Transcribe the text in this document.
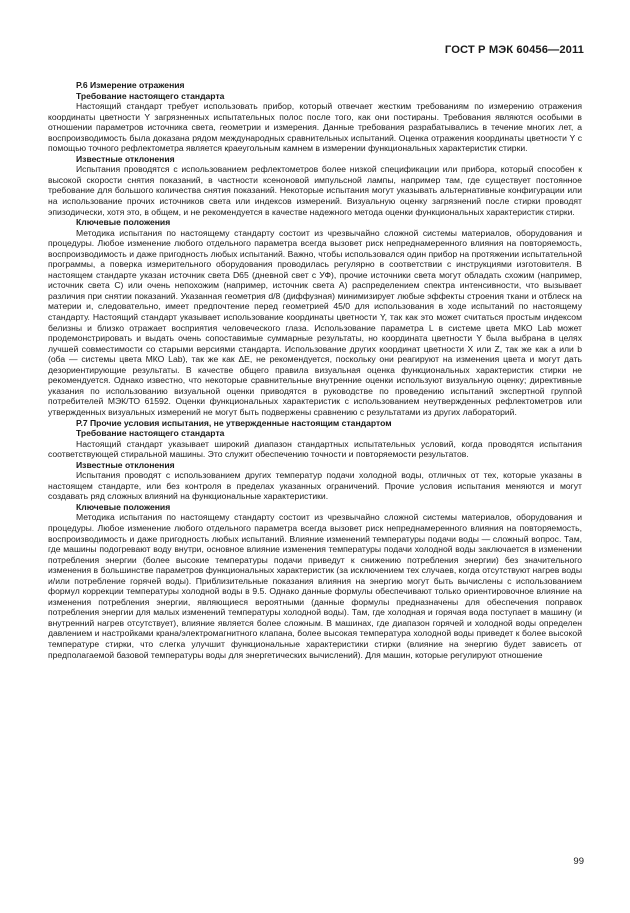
ГОСТ Р МЭК 60456—2011

Р.6 Измерение отражения

Требование настоящего стандарта

Настоящий стандарт требует использовать прибор, который отвечает жестким требованиям по измерению отражения координаты цветности Y загрязненных испытательных полос после того, как они постираны. Требования являются особыми в отношении параметров источника света, геометрии и измерения. Данные требования разрабатывались в течение многих лет, а воспроизводимость была доказана рядом международных сравнительных испытаний. Оценка отражения координаты цветности Y с помощью точного рефлектометра является краеугольным камнем в измерении функциональных характеристик стирки.

Известные отклонения

Испытания проводятся с использованием рефлектометров более низкой спецификации или прибора, который способен к высокой скорости снятия показаний, в частности ксеноновой импульсной лампы, например там, где существует постоянное требование для большого количества снятия показаний. Некоторые испытания могут указывать альтернативные конфигурации или на использование прочих источников света или индексов измерений. Визуальную оценку загрязнений после стирки проводят эпизодически, хотя это, в общем, и не рекомендуется в качестве надежного метода оценки функциональных характеристик стирки.

Ключевые положения

Методика испытания по настоящему стандарту состоит из чрезвычайно сложной системы материалов, оборудования и процедуры. Любое изменение любого отдельного параметра всегда вызовет риск непреднамеренного влияния на повторяемость, воспроизводимость и даже пригодность любых испытаний. Важно, чтобы использовался один прибор на протяжении испытательной программы, а поверка измерительного оборудования проводилась регулярно в соответствии с инструкциями изготовителя. В настоящем стандарте указан источник света D65 (дневной свет с УФ), прочие источники света могут обладать схожим (например, источник света C) или очень непохожим (например, источник света A) распределением спектра интенсивности, что вызывает различия при снятии показаний. Указанная геометрия d/8 (диффузная) минимизирует любые эффекты строения ткани и отблеск на материи и, следовательно, имеет предпочтение перед геометрией 45/0 для использования в ходе испытаний по настоящему стандарту. Настоящий стандарт указывает использование координаты цветности Y, так как это может считаться простым индексом белизны и близко отражает восприятия человеческого глаза. Использование параметра L в системе цвета МКО Lab может продемонстрировать и выдать очень сопоставимые суммарные результаты, но координата цветности Y была выбрана в целях лучшей совместимости со старыми версиями стандарта. Использование других координат цветности X или Z, так же как a или b (оба — системы цвета МКО Lab), так же как ΔE, не рекомендуется, поскольку они реагируют на изменения цвета и могут дать дезориентирующие результаты. В качестве общего правила визуальная оценка функциональных характеристик стирки не рекомендуется. Однако известно, что некоторые сравнительные внутренние оценки используют визуальную оценку; директивные указания по использованию визуальной оценки приводятся в руководстве по проведению испытаний экспертной группой потребителей МЭК/ТО 61592. Оценки функциональных характеристик с использованием неутвержденных рефлектометров или утвержденных визуальных измерений не могут быть подвержены сравнению с результатами из других лабораторий.

Р.7 Прочие условия испытания, не утвержденные настоящим стандартом

Требование настоящего стандарта

Настоящий стандарт указывает широкий диапазон стандартных испытательных условий, когда проводятся испытания соответствующей стиральной машины. Это служит обеспечению точности и повторяемости результатов.

Известные отклонения

Испытания проводят с использованием других температур подачи холодной воды, отличных от тех, которые указаны в настоящем стандарте, или без контроля в пределах указанных ограничений. Прочие условия испытания меняются и могут создавать ряд сложных влияний на функциональные характеристики.

Ключевые положения

Методика испытания по настоящему стандарту состоит из чрезвычайно сложной системы материалов, оборудования и процедуры. Любое изменение любого отдельного параметра всегда вызовет риск непреднамеренного влияния на повторяемость, воспроизводимость и даже пригодность любых испытаний. Влияние изменений температуры подачи воды — сложный вопрос. Там, где машины подогревают воду внутри, основное влияние изменения температуры подачи холодной воды заключается в изменении потребления энергии (более высокие температуры подачи приведут к снижению потребления энергии) без значительного изменения в большинстве параметров функциональных характеристик (за исключением тех случаев, когда отсутствуют нагрев воды и/или потребление горячей воды). Приблизительные показания влияния на энергию могут быть вычислены с использованием формул коррекции температуры холодной воды в 9.5. Однако данные формулы обеспечивают только ориентировочное влияние на изменения потребления энергии, являющиеся вероятными (данные формулы предназначены для обеспечения поправок потребления энергии для малых изменений температуры холодной воды). Там, где холодная и горячая вода поступает в машину (и внутренний нагрев отсутствует), влияние является более сложным. В машинах, где диапазон горячей и холодной воды определен давлением и настройками крана/электромагнитного клапана, более высокая температура холодной воды приведет к более высокой температуре стирки, что слегка улучшит функциональные характеристики стирки (влияние на энергию будет зависеть от предполагаемой базовой температуры воды для энергетических вычислений). Для машин, которые регулируют отношение

99
